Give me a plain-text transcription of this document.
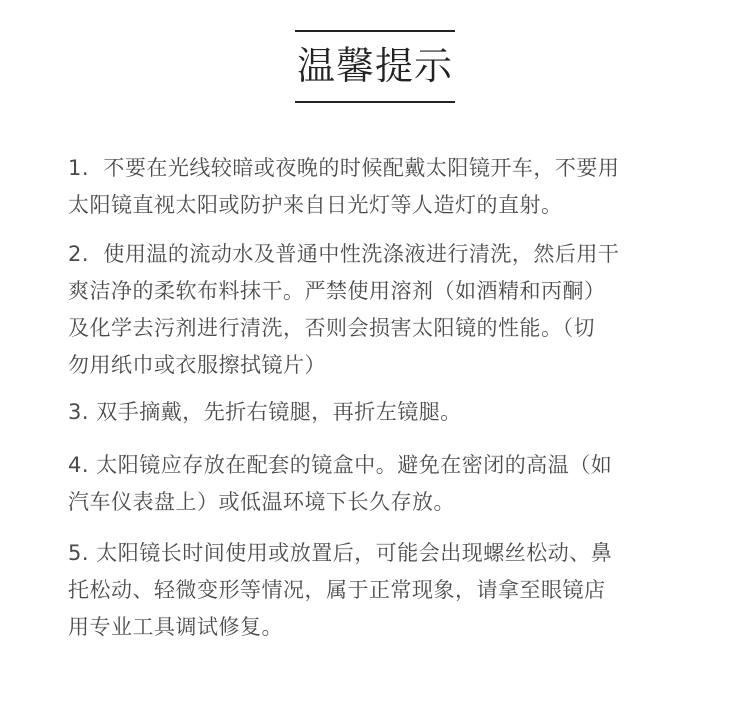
温馨提示

1.  不要在光线较暗或夜晚的时候配戴太阳镜开车，不要用
太阳镜直视太阳或防护来自日光灯等人造灯的直射。

2.  使用温的流动水及普通中性洗涤液进行清洗，然后用干
爽洁净的柔软布料抹干。严禁使用溶剂（如酒精和丙酮）
及化学去污剂进行清洗，否则会损害太阳镜的性能。（切
勿用纸巾或衣服擦拭镜片）

3. 双手摘戴，先折右镜腿，再折左镜腿。

4. 太阳镜应存放在配套的镜盒中。避免在密闭的高温（如
汽车仪表盘上）或低温环境下长久存放。

5. 太阳镜长时间使用或放置后，可能会出现螺丝松动、鼻
托松动、轻微变形等情况，属于正常现象，请拿至眼镜店
用专业工具调试修复。
